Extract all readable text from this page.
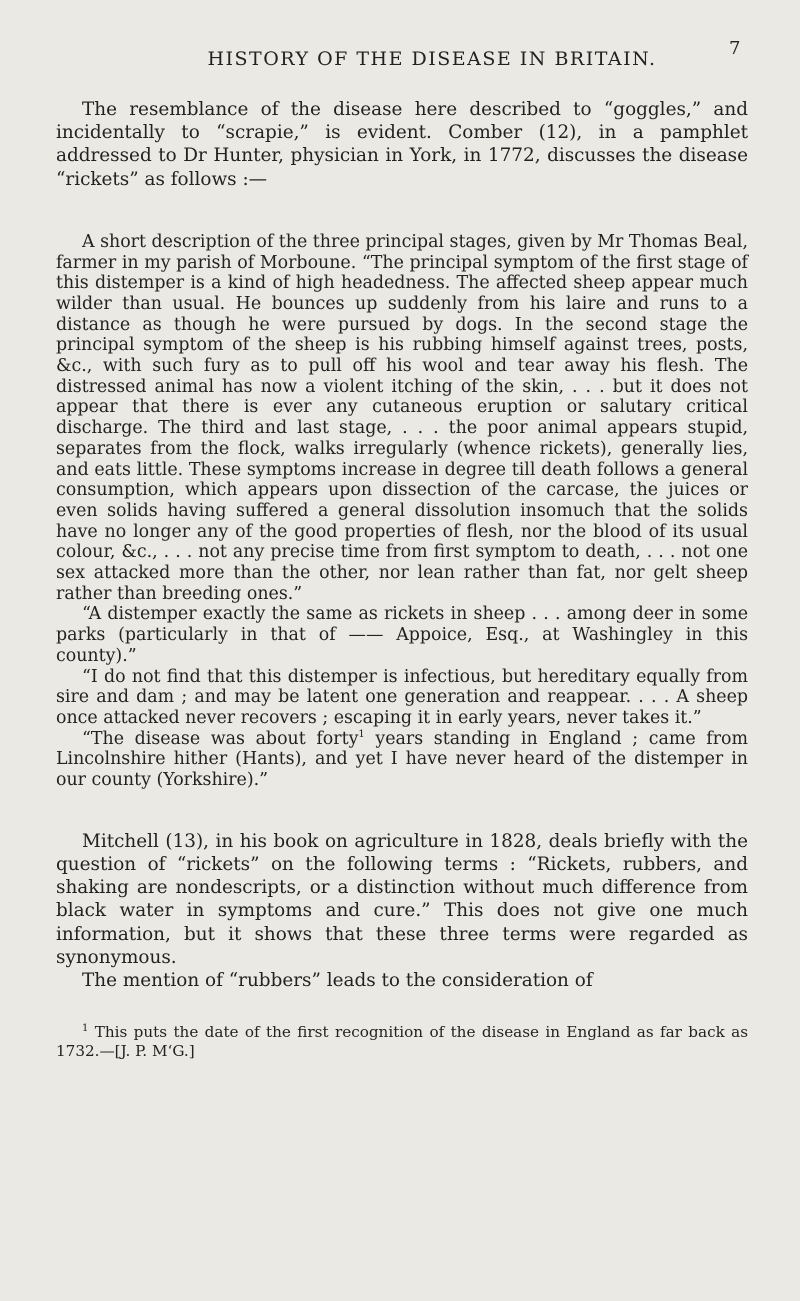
HISTORY OF THE DISEASE IN BRITAIN.	7

The resemblance of the disease here described to “goggles,” and incidentally to “scrapie,” is evident. Comber (12), in a pamphlet addressed to Dr Hunter, physician in York, in 1772, discusses the disease “rickets” as follows :—

A short description of the three principal stages, given by Mr Thomas Beal, farmer in my parish of Morboune. “The principal symptom of the first stage of this distemper is a kind of high headedness. The affected sheep appear much wilder than usual. He bounces up suddenly from his laire and runs to a distance as though he were pursued by dogs. In the second stage the principal symptom of the sheep is his rubbing himself against trees, posts, &c., with such fury as to pull off his wool and tear away his flesh. The distressed animal has now a violent itching of the skin, . . . but it does not appear that there is ever any cutaneous eruption or salutary critical discharge. The third and last stage, . . . the poor animal appears stupid, separates from the flock, walks irregularly (whence rickets), generally lies, and eats little. These symptoms increase in degree till death follows a general consumption, which appears upon dissection of the carcase, the juices or even solids having suffered a general dissolution insomuch that the solids have no longer any of the good properties of flesh, nor the blood of its usual colour, &c., . . . not any precise time from first symptom to death, . . . not one sex attacked more than the other, nor lean rather than fat, nor gelt sheep rather than breeding ones.”

“A distemper exactly the same as rickets in sheep . . . among deer in some parks (particularly in that of —— Appoice, Esq., at Washingley in this county).”

“I do not find that this distemper is infectious, but hereditary equally from sire and dam ; and may be latent one generation and reappear. . . . A sheep once attacked never recovers ; escaping it in early years, never takes it.”

“The disease was about forty$^1$ years standing in England ; came from Lincolnshire hither (Hants), and yet I have never heard of the distemper in our county (Yorkshire).”

Mitchell (13), in his book on agriculture in 1828, deals briefly with the question of “rickets” on the following terms : “Rickets, rubbers, and shaking are nondescripts, or a distinction without much difference from black water in symptoms and cure.” This does not give one much information, but it shows that these three terms were regarded as synonymous.

The mention of “rubbers” leads to the consideration of

$^1$ This puts the date of the first recognition of the disease in England as far back as 1732.—[J. P. M‘G.]
